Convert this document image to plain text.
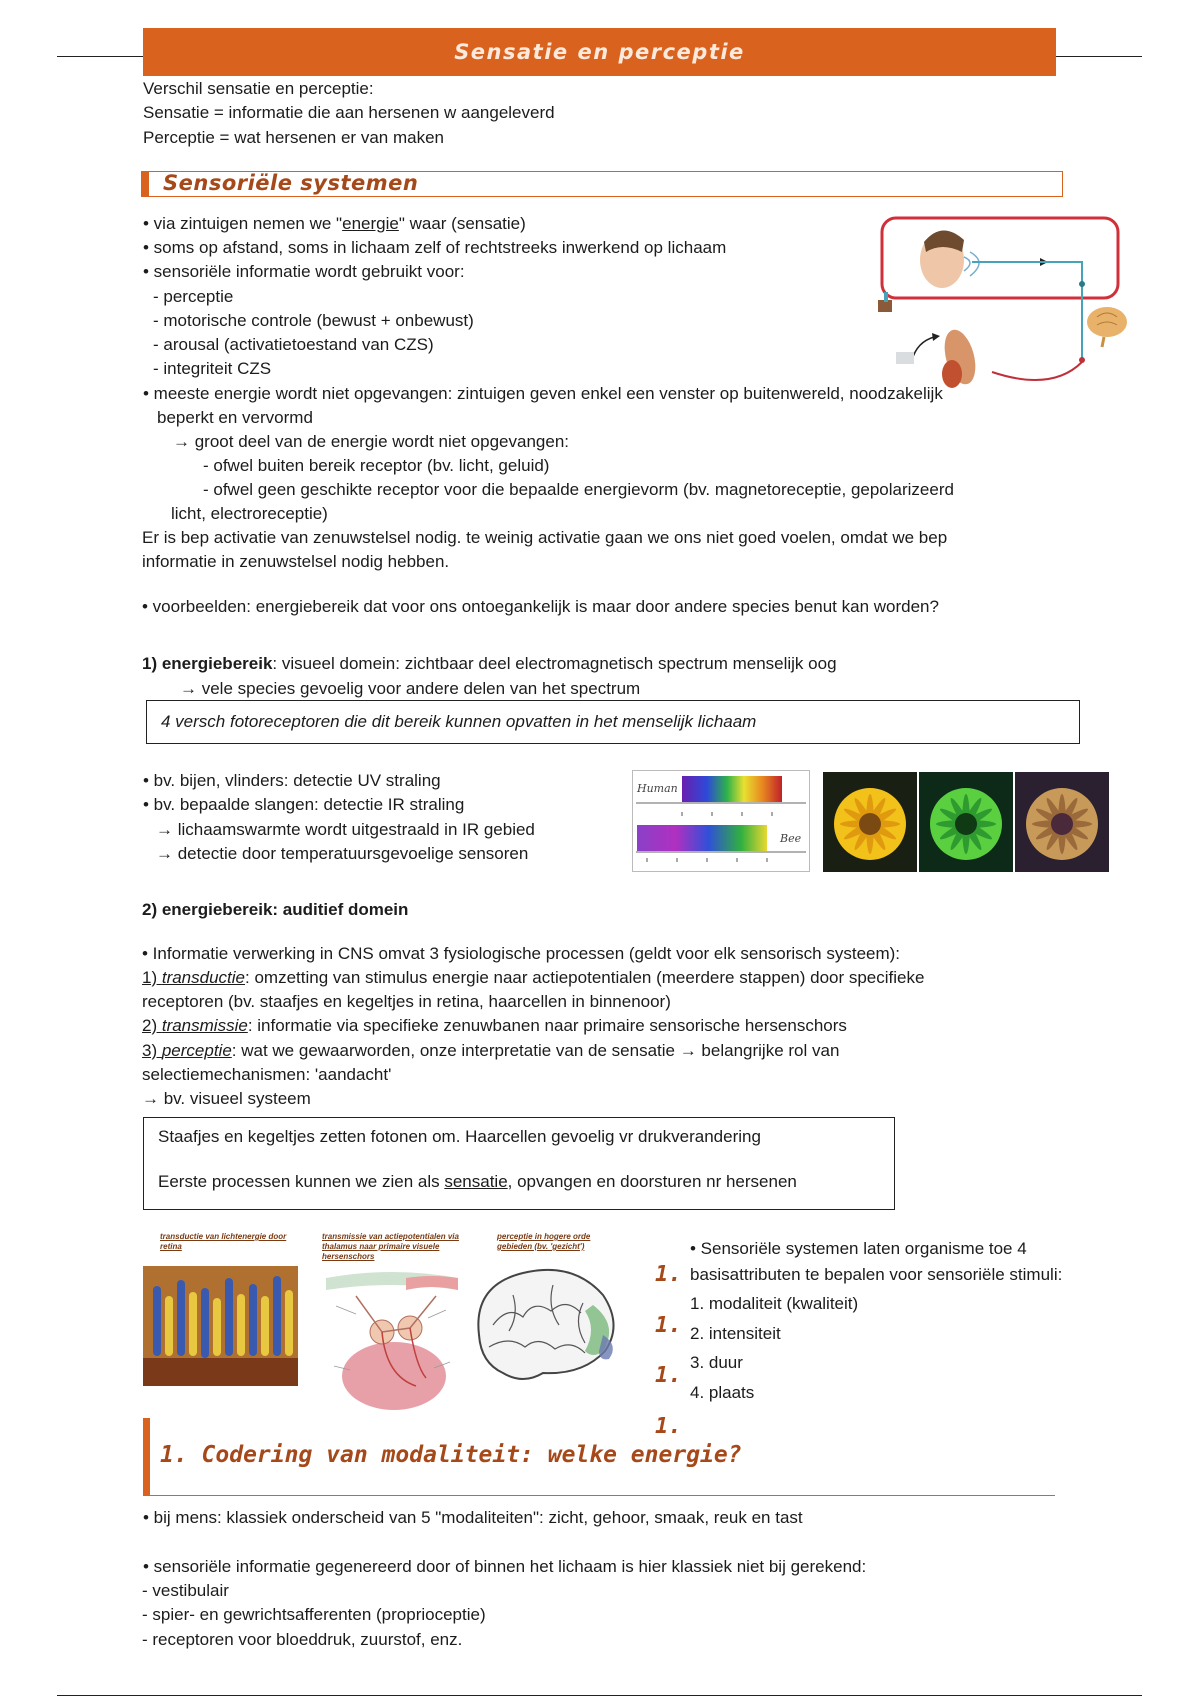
Sensatie en perceptie
Verschil sensatie en perceptie:
Sensatie = informatie die aan hersenen w aangeleverd
Perceptie = wat hersenen er van maken
Sensoriële systemen
• via zintuigen nemen we "energie" waar (sensatie)
• soms op afstand, soms in lichaam zelf of rechtstreeks inwerkend op lichaam
• sensoriële informatie wordt gebruikt voor:
- perceptie
- motorische controle (bewust + onbewust)
- arousal (activatietoestand van CZS)
- integriteit CZS
• meeste energie wordt niet opgevangen: zintuigen geven enkel een venster op buitenwereld, noodzakelijk
beperkt en vervormd
→ groot deel van de energie wordt niet opgevangen:
- ofwel buiten bereik receptor (bv. licht, geluid)
- ofwel geen geschikte receptor voor die bepaalde energievorm (bv. magnetoreceptie, gepolarizeerd
licht, electroreceptie)
Er is bep activatie van zenuwstelsel nodig. te weinig activatie gaan we ons niet goed voelen, omdat we bep
informatie in zenuwstelsel nodig hebben.
• voorbeelden: energiebereik dat voor ons ontoegankelijk is maar door andere species benut kan worden?
1) energiebereik: visueel domein: zichtbaar deel electromagnetisch spectrum menselijk oog
→ vele species gevoelig voor andere delen van het spectrum
4 versch fotoreceptoren die dit bereik kunnen opvatten in het menselijk lichaam
• bv. bijen, vlinders: detectie UV straling
• bv. bepaalde slangen: detectie IR straling
→ lichaamswarmte wordt uitgestraald in IR gebied
→ detectie door temperatuursgevoelige sensoren
Human
Bee
2) energiebereik: auditief domein
• Informatie verwerking in CNS omvat 3 fysiologische processen (geldt voor elk sensorisch systeem):
1) transductie: omzetting van stimulus energie naar actiepotentialen (meerdere stappen) door specifieke
receptoren (bv. staafjes en kegeltjes in retina, haarcellen in binnenoor)
2) transmissie: informatie via specifieke zenuwbanen naar primaire sensorische hersenschors
3) perceptie: wat we gewaarworden, onze interpretatie van de sensatie → belangrijke rol van
selectiemechanismen: 'aandacht'
→ bv. visueel systeem
Staafjes en kegeltjes zetten fotonen om. Haarcellen gevoelig vr drukverandering
Eerste processen kunnen we zien als sensatie, opvangen en doorsturen nr hersenen
transductie van lichtenergie door retina
transmissie van actiepotentialen via thalamus naar primaire visuele hersenschors
perceptie in hogere orde gebieden (bv. 'gezicht')	• Sensoriële systemen laten organisme toe 4
basisattributen te bepalen voor sensoriële stimuli:
1. modaliteit (kwaliteit)
2. intensiteit
3. duur
4. plaats
1.
1.
1.
1.
1. Codering van modaliteit: welke energie?
• bij mens: klassiek onderscheid van 5 "modaliteiten": zicht, gehoor, smaak, reuk en tast
• sensoriële informatie gegenereerd door of binnen het lichaam is hier klassiek niet bij gerekend:
- vestibulair
- spier- en gewrichtsafferenten (proprioceptie)
- receptoren voor bloeddruk, zuurstof, enz.
